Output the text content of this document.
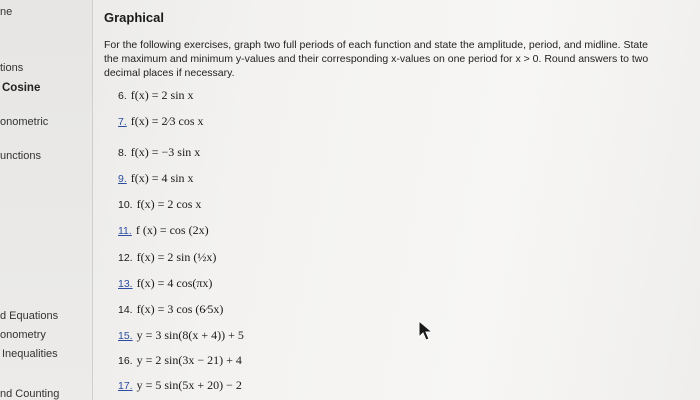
ne
tions
Cosine
onometric
unctions
d Equations
onometry
Inequalities
nd Counting
Graphical
For the following exercises, graph two full periods of each function and state the amplitude, period, and midline. State the maximum and minimum y-values and their corresponding x-values on one period for x > 0. Round answers to two decimal places if necessary.
6. f(x) = 2 sin x
7. f(x) = 2⁄3 cos x
8. f(x) = −3 sin x
9. f(x) = 4 sin x
10. f(x) = 2 cos x
11. f (x) = cos (2x)
12. f(x) = 2 sin (½x)
13. f(x) = 4 cos(πx)
14. f(x) = 3 cos (6⁄5x)
15. y = 3 sin(8(x + 4)) + 5
16. y = 2 sin(3x − 21) + 4
17. y = 5 sin(5x + 20) − 2
